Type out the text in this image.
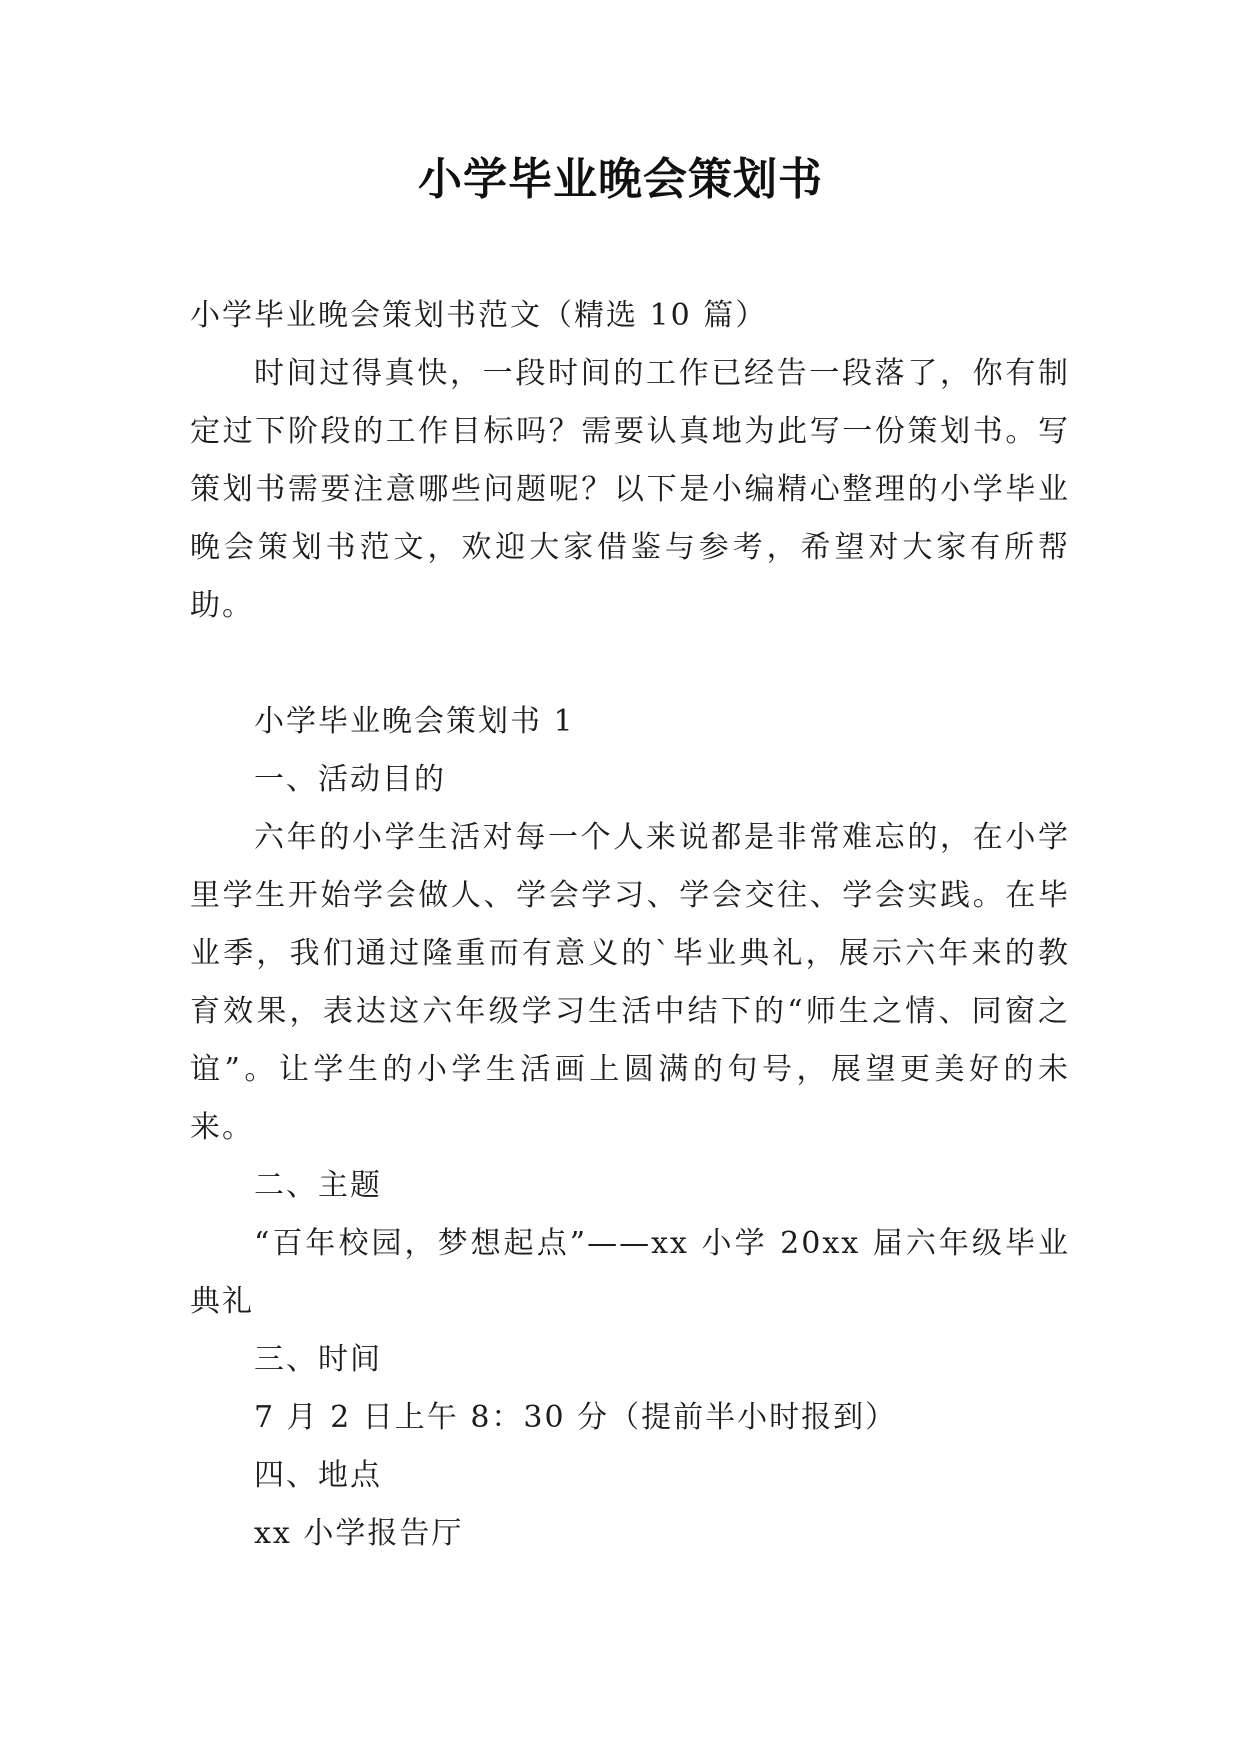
小学毕业晚会策划书

小学毕业晚会策划书范文（精选 10 篇）

时间过得真快，一段时间的工作已经告一段落了，你有制定过下阶段的工作目标吗？需要认真地为此写一份策划书。写策划书需要注意哪些问题呢？以下是小编精心整理的小学毕业晚会策划书范文，欢迎大家借鉴与参考，希望对大家有所帮助。

小学毕业晚会策划书 1

一、活动目的

六年的小学生活对每一个人来说都是非常难忘的，在小学里学生开始学会做人、学会学习、学会交往、学会实践。在毕业季，我们通过隆重而有意义的`毕业典礼，展示六年来的教育效果，表达这六年级学习生活中结下的“师生之情、同窗之谊”。让学生的小学生活画上圆满的句号，展望更美好的未来。

二、主题

“百年校园，梦想起点”——xx 小学 20xx 届六年级毕业典礼

三、时间

7 月 2 日上午 8：30 分（提前半小时报到）

四、地点

xx 小学报告厅
